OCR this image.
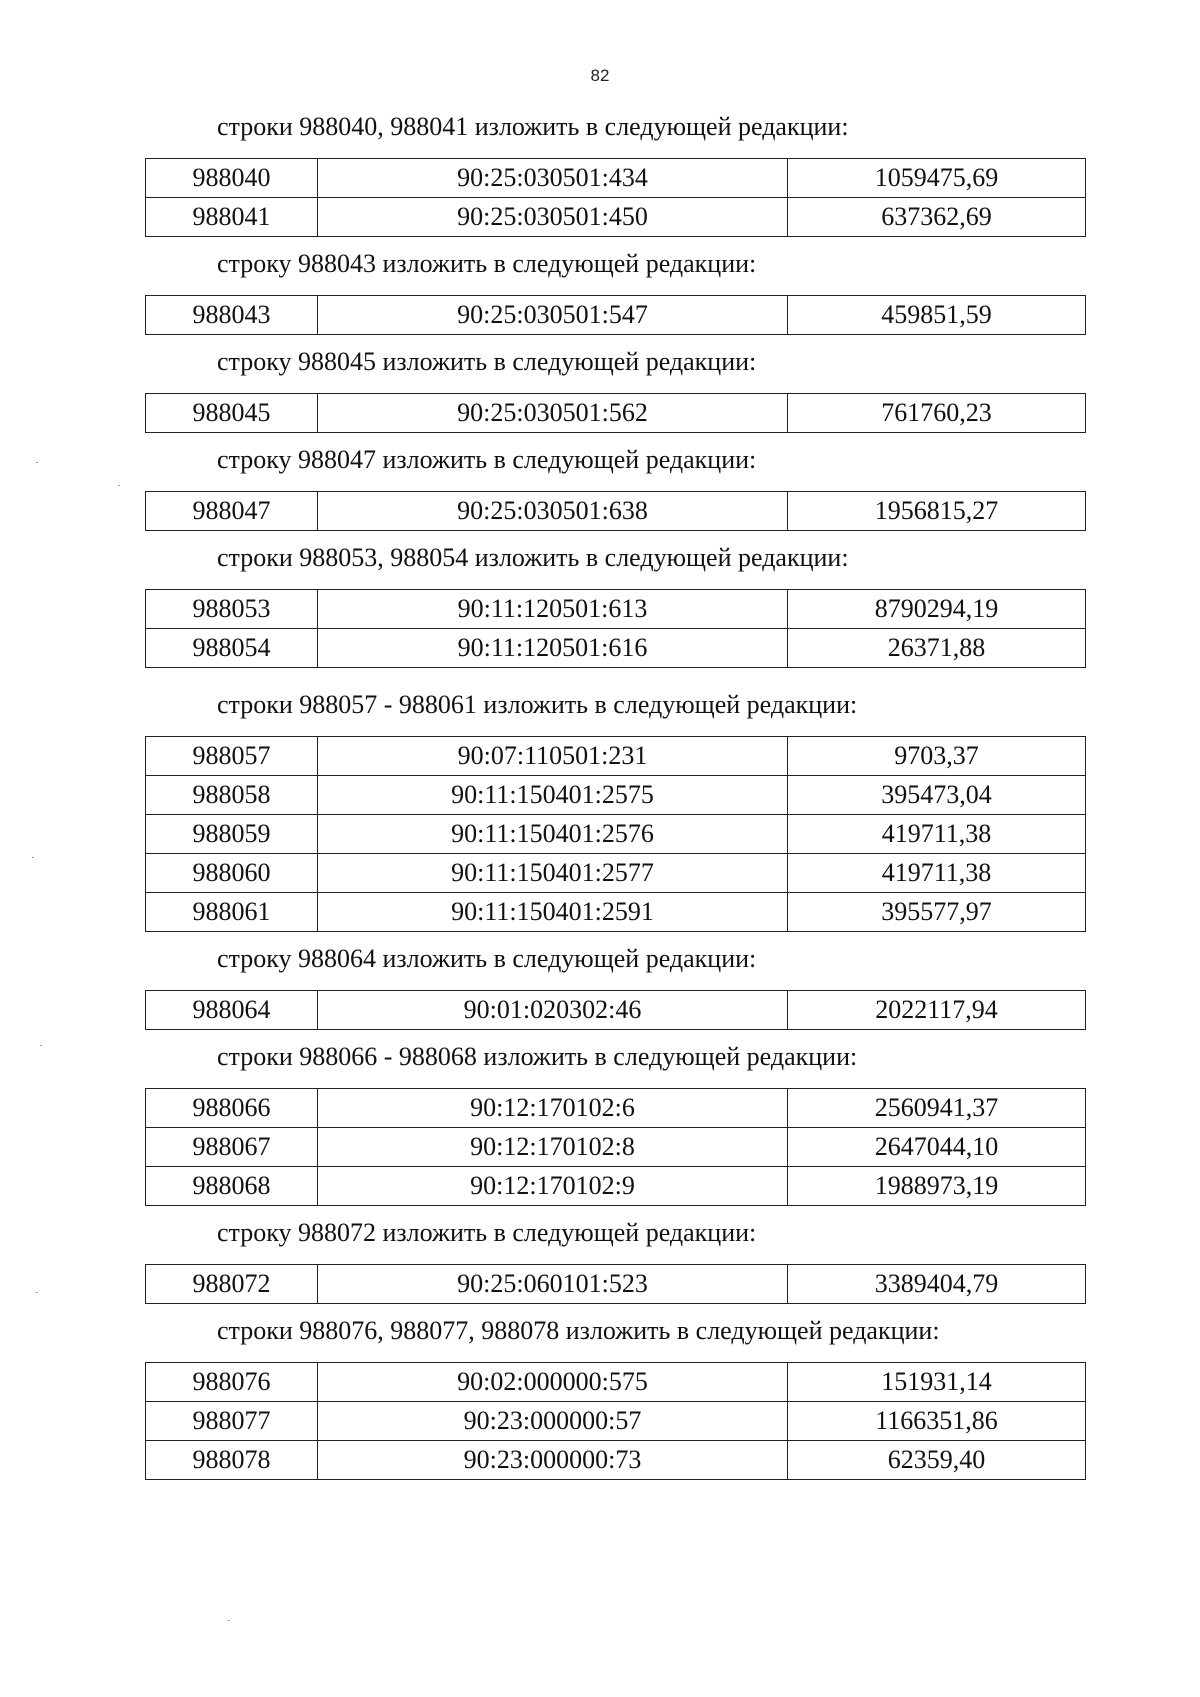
82
строки 988040, 988041 изложить в следующей редакции:
988040	90:25:030501:434	1059475,69
988041	90:25:030501:450	637362,69
строку 988043 изложить в следующей редакции:
988043	90:25:030501:547	459851,59
строку 988045 изложить в следующей редакции:
988045	90:25:030501:562	761760,23
строку 988047 изложить в следующей редакции:
988047	90:25:030501:638	1956815,27
строки 988053, 988054 изложить в следующей редакции:
988053	90:11:120501:613	8790294,19
988054	90:11:120501:616	26371,88
строки 988057 - 988061 изложить в следующей редакции:
988057	90:07:110501:231	9703,37
988058	90:11:150401:2575	395473,04
988059	90:11:150401:2576	419711,38
988060	90:11:150401:2577	419711,38
988061	90:11:150401:2591	395577,97
строку 988064 изложить в следующей редакции:
988064	90:01:020302:46	2022117,94
строки 988066 - 988068 изложить в следующей редакции:
988066	90:12:170102:6	2560941,37
988067	90:12:170102:8	2647044,10
988068	90:12:170102:9	1988973,19
строку 988072 изложить в следующей редакции:
988072	90:25:060101:523	3389404,79
строки 988076, 988077, 988078 изложить в следующей редакции:
988076	90:02:000000:575	151931,14
988077	90:23:000000:57	1166351,86
988078	90:23:000000:73	62359,40
